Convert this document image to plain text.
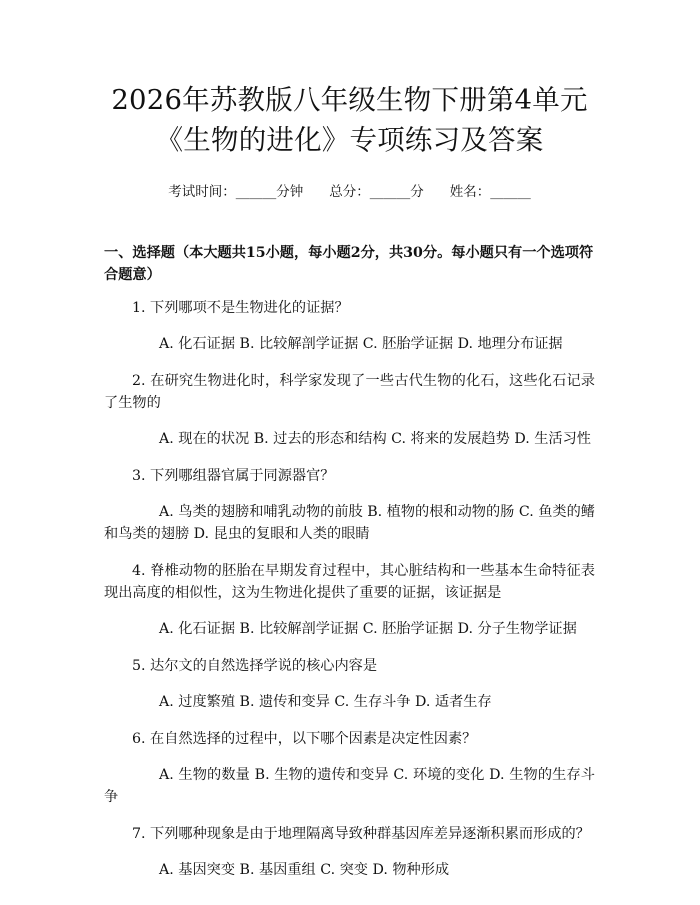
2026年苏教版八年级生物下册第4单元《生物的进化》专项练习及答案
考试时间：______分钟 总分：______分 姓名：______
一、选择题（本大题共15小题，每小题2分，共30分。每小题只有一个选项符合题意）
1. 下列哪项不是生物进化的证据？
A. 化石证据 B. 比较解剖学证据 C. 胚胎学证据 D. 地理分布证据
2. 在研究生物进化时，科学家发现了一些古代生物的化石，这些化石记录了生物的
A. 现在的状况 B. 过去的形态和结构 C. 将来的发展趋势 D. 生活习性
3. 下列哪组器官属于同源器官？
A. 鸟类的翅膀和哺乳动物的前肢 B. 植物的根和动物的肠 C. 鱼类的鳍和鸟类的翅膀 D. 昆虫的复眼和人类的眼睛
4. 脊椎动物的胚胎在早期发育过程中，其心脏结构和一些基本生命特征表现出高度的相似性，这为生物进化提供了重要的证据，该证据是
A. 化石证据 B. 比较解剖学证据 C. 胚胎学证据 D. 分子生物学证据
5. 达尔文的自然选择学说的核心内容是
A. 过度繁殖 B. 遗传和变异 C. 生存斗争 D. 适者生存
6. 在自然选择的过程中，以下哪个因素是决定性因素？
A. 生物的数量 B. 生物的遗传和变异 C. 环境的变化 D. 生物的生存斗争
7. 下列哪种现象是由于地理隔离导致种群基因库差异逐渐积累而形成的？
A. 基因突变 B. 基因重组 C. 突变 D. 物种形成
